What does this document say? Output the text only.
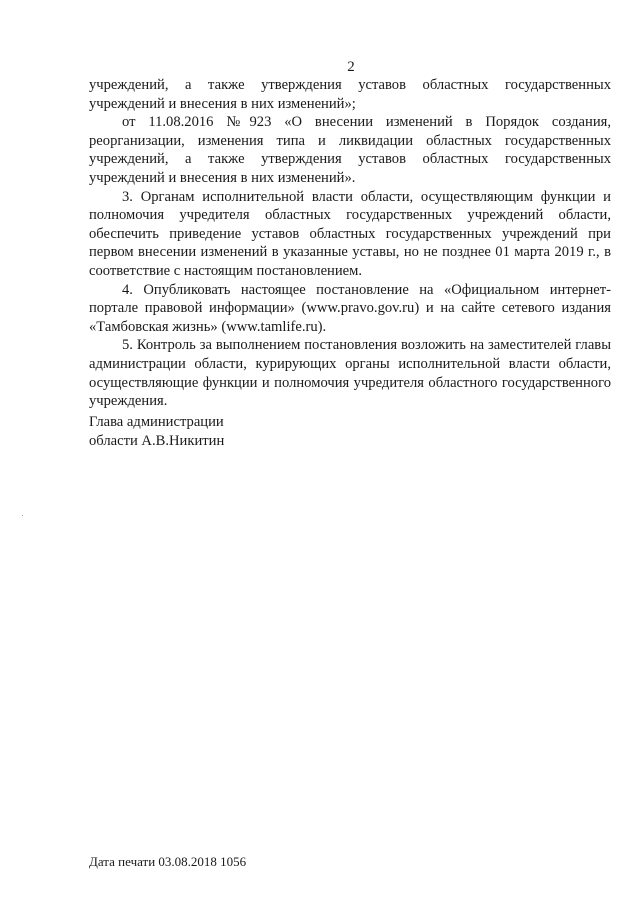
2

учреждений, а также утверждения уставов областных государственных учреждений и внесения в них изменений»;

от 11.08.2016 №923 «О внесении изменений в Порядок создания, реорганизации, изменения типа и ликвидации областных государственных учреждений, а также утверждения уставов областных государственных учреждений и внесения в них изменений».

3. Органам исполнительной власти области, осуществляющим функции и полномочия учредителя областных государственных учреждений области, обеспечить приведение уставов областных государственных учреждений при первом внесении изменений в указанные уставы, но не позднее 01 марта 2019 г., в соответствие с настоящим постановлением.

4. Опубликовать настоящее постановление на «Официальном интернет-портале правовой информации» (www.pravo.gov.ru) и на сайте сетевого издания «Тамбовская жизнь» (www.tamlife.ru).

5. Контроль за выполнением постановления возложить на заместителей главы администрации области, курирующих органы исполнительной власти области, осуществляющие функции и полномочия учредителя областного государственного учреждения.

Глава администрации
области А.В.Никитин
Дата печати 03.08.2018 1056
